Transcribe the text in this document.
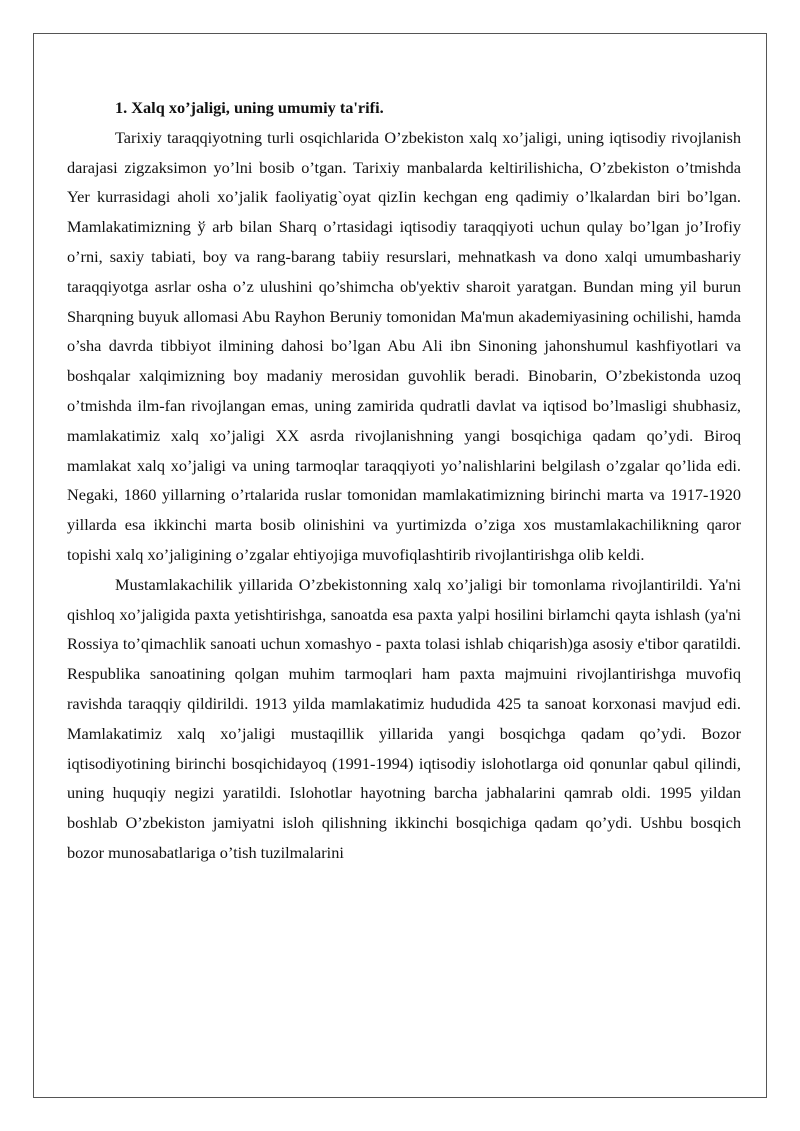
1. Xalq xo’jaligi, uning umumiy ta'rifi.

Tarixiy taraqqiyotning turli osqichlarida O’zbekiston xalq xo’jaligi, uning iqtisodiy rivojlanish darajasi zigzaksimon yo’lni bosib o’tgan. Tarixiy manbalarda keltirilishicha, O’zbekiston o’tmishda Yer kurrasidagi aholi xo’jalik faoliyatig`oyat qizIin kechgan eng qadimiy o’lkalardan biri bo’lgan. Mamlakatimizning ў arb bilan Sharq o’rtasidagi iqtisodiy taraqqiyoti uchun qulay bo’lgan jo’Irofiy o’rni, saxiy tabiati, boy va rang-barang tabiiy resurslari, mehnatkash va dono xalqi umumbashariy taraqqiyotga asrlar osha o’z ulushini qo’shimcha ob'yektiv sharoit yaratgan. Bundan ming yil burun Sharqning buyuk allomasi Abu Rayhon Beruniy tomonidan Ma'mun akademiyasining ochilishi, hamda o’sha davrda tibbiyot ilmining dahosi bo’lgan Abu Ali ibn Sinoning jahonshumul kashfiyotlari va boshqalar xalqimizning boy madaniy merosidan guvohlik beradi. Binobarin, O’zbekistonda uzoq o’tmishda ilm-fan rivojlangan emas, uning zamirida qudratli davlat va iqtisod bo’lmasligi shubhasiz, mamlakatimiz xalq xo’jaligi XX asrda rivojlanishning yangi bosqichiga qadam qo’ydi. Biroq mamlakat xalq xo’jaligi va uning tarmoqlar taraqqiyoti yo’nalishlarini belgilash o’zgalar qo’lida edi. Negaki, 1860 yillarning o’rtalarida ruslar tomonidan mamlakatimizning birinchi marta va 1917-1920 yillarda esa ikkinchi marta bosib olinishini va yurtimizda o’ziga xos mustamlakachilikning qaror topishi xalq xo’jaligining o’zgalar ehtiyojiga muvofiqlashtirib rivojlantirishga olib keldi.

Mustamlakachilik yillarida O’zbekistonning xalq xo’jaligi bir tomonlama rivojlantirildi. Ya'ni qishloq xo’jaligida paxta yetishtirishga, sanoatda esa paxta yalpi hosilini birlamchi qayta ishlash (ya'ni Rossiya to’qimachlik sanoati uchun xomashyo - paxta tolasi ishlab chiqarish)ga asosiy e'tibor qaratildi. Respublika sanoatining qolgan muhim tarmoqlari ham paxta majmuini rivojlantirishga muvofiq ravishda taraqqiy qildirildi. 1913 yilda mamlakatimiz hududida 425 ta sanoat korxonasi mavjud edi. Mamlakatimiz xalq xo’jaligi mustaqillik yillarida yangi bosqichga qadam qo’ydi. Bozor iqtisodiyotining birinchi bosqichidayoq (1991-1994) iqtisodiy islohotlarga oid qonunlar qabul qilindi, uning huquqiy negizi yaratildi. Islohotlar hayotning barcha jabhalarini qamrab oldi. 1995 yildan boshlab O’zbekiston jamiyatni isloh qilishning ikkinchi bosqichiga qadam qo’ydi. Ushbu bosqich bozor munosabatlariga o’tish tuzilmalarini
